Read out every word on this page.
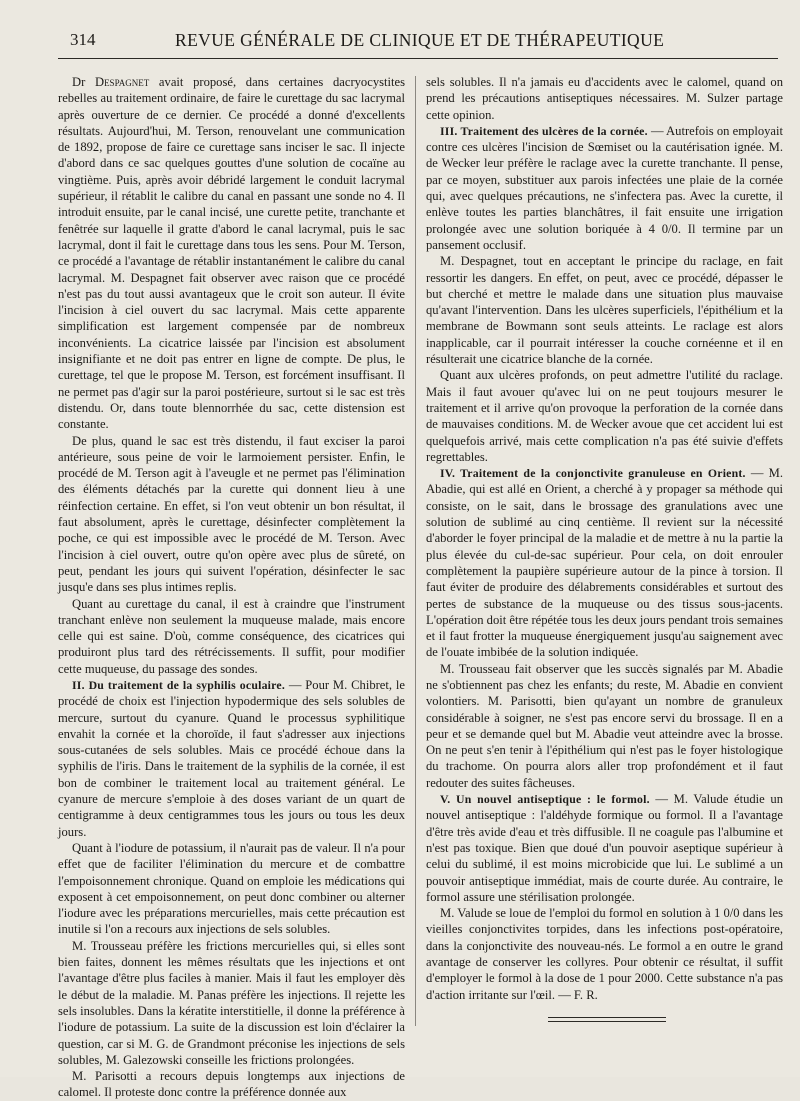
314	REVUE GÉNÉRALE DE CLINIQUE ET DE THÉRAPEUTIQUE

Dr Despagnet avait proposé, dans certaines dacryocystites rebelles au traitement ordinaire, de faire le curettage du sac lacrymal après ouverture de ce dernier. Ce procédé a donné d'excellents résultats. Aujourd'hui, M. Terson, renouvelant une communication de 1892, propose de faire ce curettage sans inciser le sac. Il injecte d'abord dans ce sac quelques gouttes d'une solution de cocaïne au vingtième. Puis, après avoir débridé largement le conduit lacrymal supérieur, il rétablit le calibre du canal en passant une sonde no 4. Il introduit ensuite, par le canal incisé, une curette petite, tranchante et fenêtrée sur laquelle il gratte d'abord le canal lacrymal, puis le sac lacrymal, dont il fait le curettage dans tous les sens. Pour M. Terson, ce procédé a l'avantage de rétablir instantanément le calibre du canal lacrymal. M. Despagnet fait observer avec raison que ce procédé n'est pas du tout aussi avantageux que le croit son auteur. Il évite l'incision à ciel ouvert du sac lacrymal. Mais cette apparente simplification est largement compensée par de nombreux inconvénients. La cicatrice laissée par l'incision est absolument insignifiante et ne doit pas entrer en ligne de compte. De plus, le curettage, tel que le propose M. Terson, est forcément insuffisant. Il ne permet pas d'agir sur la paroi postérieure, surtout si le sac est très distendu. Or, dans toute blennorrhée du sac, cette distension est constante.

De plus, quand le sac est très distendu, il faut exciser la paroi antérieure, sous peine de voir le larmoiement persister. Enfin, le procédé de M. Terson agit à l'aveugle et ne permet pas l'élimination des éléments détachés par la curette qui donnent lieu à une réinfection certaine. En effet, si l'on veut obtenir un bon résultat, il faut absolument, après le curettage, désinfecter complètement la poche, ce qui est impossible avec le procédé de M. Terson. Avec l'incision à ciel ouvert, outre qu'on opère avec plus de sûreté, on peut, pendant les jours qui suivent l'opération, désinfecter le sac jusqu'e dans ses plus intimes replis.

Quant au curettage du canal, il est à craindre que l'instrument tranchant enlève non seulement la muqueuse malade, mais encore celle qui est saine. D'où, comme conséquence, des cicatrices qui produiront plus tard des rétrécissements. Il suffit, pour modifier cette muqueuse, du passage des sondes.

II. Du traitement de la syphilis oculaire. — Pour M. Chibret, le procédé de choix est l'injection hypodermique des sels solubles de mercure, surtout du cyanure. Quand le processus syphilitique envahit la cornée et la choroïde, il faut s'adresser aux injections sous-cutanées de sels solubles. Mais ce procédé échoue dans la syphilis de l'iris. Dans le traitement de la syphilis de la cornée, il est bon de combiner le traitement local au traitement général. Le cyanure de mercure s'emploie à des doses variant de un quart de centigramme à deux centigrammes tous les jours ou tous les deux jours.

Quant à l'iodure de potassium, il n'aurait pas de valeur. Il n'a pour effet que de faciliter l'élimination du mercure et de combattre l'empoisonnement chronique. Quand on emploie les médications qui exposent à cet empoisonnement, on peut donc combiner ou alterner l'iodure avec les préparations mercurielles, mais cette précaution est inutile si l'on a recours aux injections de sels solubles.

M. Trousseau préfère les frictions mercurielles qui, si elles sont bien faites, donnent les mêmes résultats que les injections et ont l'avantage d'être plus faciles à manier. Mais il faut les employer dès le début de la maladie. M. Panas préfère les injections. Il rejette les sels insolubles. Dans la kératite interstitielle, il donne la préférence à l'iodure de potassium. La suite de la discussion est loin d'éclairer la question, car si M. G. de Grandmont préconise les injections de sels solubles, M. Galezowski conseille les frictions prolongées.

M. Parisotti a recours depuis longtemps aux injections de calomel. Il proteste donc contre la préférence donnée aux

sels solubles. Il n'a jamais eu d'accidents avec le calomel, quand on prend les précautions antiseptiques nécessaires. M. Sulzer partage cette opinion.

III. Traitement des ulcères de la cornée. — Autrefois on employait contre ces ulcères l'incision de Sœmiset ou la cautérisation ignée. M. de Wecker leur préfère le raclage avec la curette tranchante. Il pense, par ce moyen, substituer aux parois infectées une plaie de la cornée qui, avec quelques précautions, ne s'infectera pas. Avec la curette, il enlève toutes les parties blanchâtres, il fait ensuite une irrigation prolongée avec une solution boriquée à 4 0/0. Il termine par un pansement occlusif.

M. Despagnet, tout en acceptant le principe du raclage, en fait ressortir les dangers. En effet, on peut, avec ce procédé, dépasser le but cherché et mettre le malade dans une situation plus mauvaise qu'avant l'intervention. Dans les ulcères superficiels, l'épithélium et la membrane de Bowmann sont seuls atteints. Le raclage est alors inapplicable, car il pourrait intéresser la couche cornéenne et il en résulterait une cicatrice blanche de la cornée.

Quant aux ulcères profonds, on peut admettre l'utilité du raclage. Mais il faut avouer qu'avec lui on ne peut toujours mesurer le traitement et il arrive qu'on provoque la perforation de la cornée dans de mauvaises conditions. M. de Wecker avoue que cet accident lui est quelquefois arrivé, mais cette complication n'a pas été suivie d'effets regrettables.

IV. Traitement de la conjonctivite granuleuse en Orient. — M. Abadie, qui est allé en Orient, a cherché à y propager sa méthode qui consiste, on le sait, dans le brossage des granulations avec une solution de sublimé au cinq centième. Il revient sur la nécessité d'aborder le foyer principal de la maladie et de mettre à nu la partie la plus élevée du cul-de-sac supérieur. Pour cela, on doit enrouler complètement la paupière supérieure autour de la pince à torsion. Il faut éviter de produire des délabrements considérables et surtout des pertes de substance de la muqueuse ou des tissus sous-jacents. L'opération doit être répétée tous les deux jours pendant trois semaines et il faut frotter la muqueuse énergiquement jusqu'au saignement avec de l'ouate imbibée de la solution indiquée.

M. Trousseau fait observer que les succès signalés par M. Abadie ne s'obtiennent pas chez les enfants; du reste, M. Abadie en convient volontiers. M. Parisotti, bien qu'ayant un nombre de granuleux considérable à soigner, ne s'est pas encore servi du brossage. Il en a peur et se demande quel but M. Abadie veut atteindre avec la brosse. On ne peut s'en tenir à l'épithélium qui n'est pas le foyer histologique du trachome. On pourra alors aller trop profondément et il faut redouter des suites fâcheuses.

V. Un nouvel antiseptique : le formol. — M. Valude étudie un nouvel antiseptique : l'aldéhyde formique ou formol. Il a l'avantage d'être très avide d'eau et très diffusible. Il ne coagule pas l'albumine et n'est pas toxique. Bien que doué d'un pouvoir aseptique supérieur à celui du sublimé, il est moins microbicide que lui. Le sublimé a un pouvoir antiseptique immédiat, mais de courte durée. Au contraire, le formol assure une stérilisation prolongée.

M. Valude se loue de l'emploi du formol en solution à 1 0/0 dans les vieilles conjonctivites torpides, dans les infections post-opératoire, dans la conjonctivite des nouveau-nés. Le formol a en outre le grand avantage de conserver les collyres. Pour obtenir ce résultat, il suffit d'employer le formol à la dose de 1 pour 2000. Cette substance n'a pas d'action irritante sur l'œil. — F. R.
